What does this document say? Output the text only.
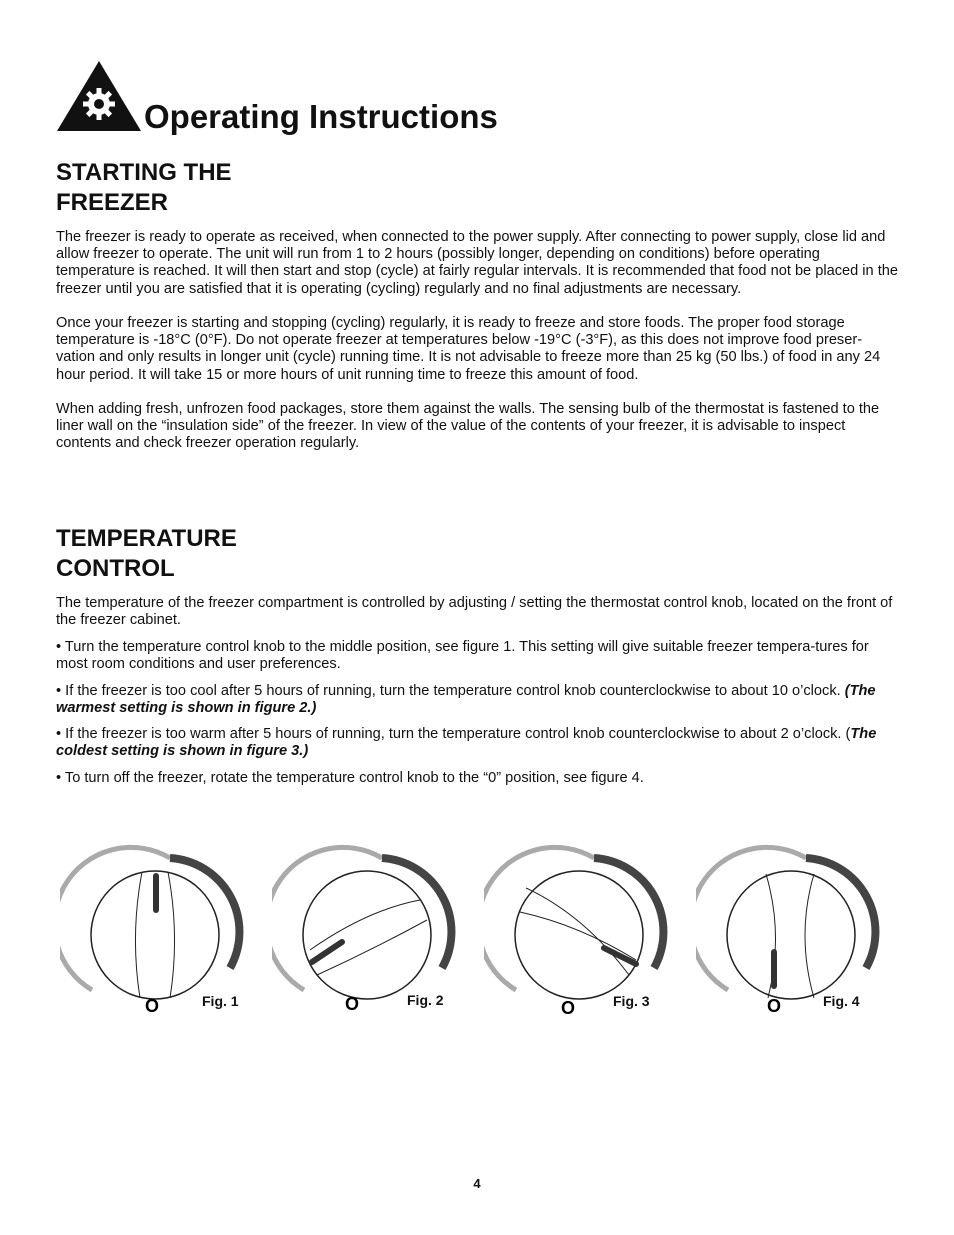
Operating Instructions
STARTING THE
FREEZER

The freezer is ready to operate as received, when connected to the power supply. After connecting to power supply, close lid and allow freezer to operate. The unit will run from 1 to 2 hours (possibly longer, depending on conditions) before operating temperature is reached. It will then start and stop (cycle) at fairly regular intervals. It is recommended that food not be placed in the freezer until you are satisfied that it is operating (cycling) regularly and no final adjustments are necessary.

Once your freezer is starting and stopping (cycling) regularly, it is ready to freeze and store foods. The proper food storage temperature is -18°C (0°F). Do not operate freezer at temperatures below -19°C (-3°F), as this does not improve food preser-vation and only results in longer unit (cycle) running time. It is not advisable to freeze more than 25 kg (50 lbs.) of food in any 24 hour period. It will take 15 or more hours of unit running time to freeze this amount of food.

When adding fresh, unfrozen food packages, store them against the walls. The sensing bulb of the thermostat is fastened to the liner wall on the “insulation side” of the freezer. In view of the value of the contents of your freezer, it is advisable to inspect contents and check freezer operation regularly.

TEMPERATURE
CONTROL

The temperature of the freezer compartment is controlled by adjusting / setting the thermostat control knob, located on the front of the freezer cabinet.

• Turn the temperature control knob to the middle position, see figure 1. This setting will give suitable freezer tempera-tures for most room conditions and user preferences.

• If the freezer is too cool after 5 hours of running, turn the temperature control knob counterclockwise to about 10 o’clock. (The warmest setting is shown in figure 2.)

• If the freezer is too warm after 5 hours of running, turn the temperature control knob counterclockwise to about 2 o’clock. (The coldest setting is shown in figure 3.)

• To turn off the freezer, rotate the temperature control knob to the “0” position, see figure 4.

O	Fig. 1	O	Fig. 2	O	Fig. 3	O	Fig. 4
4
